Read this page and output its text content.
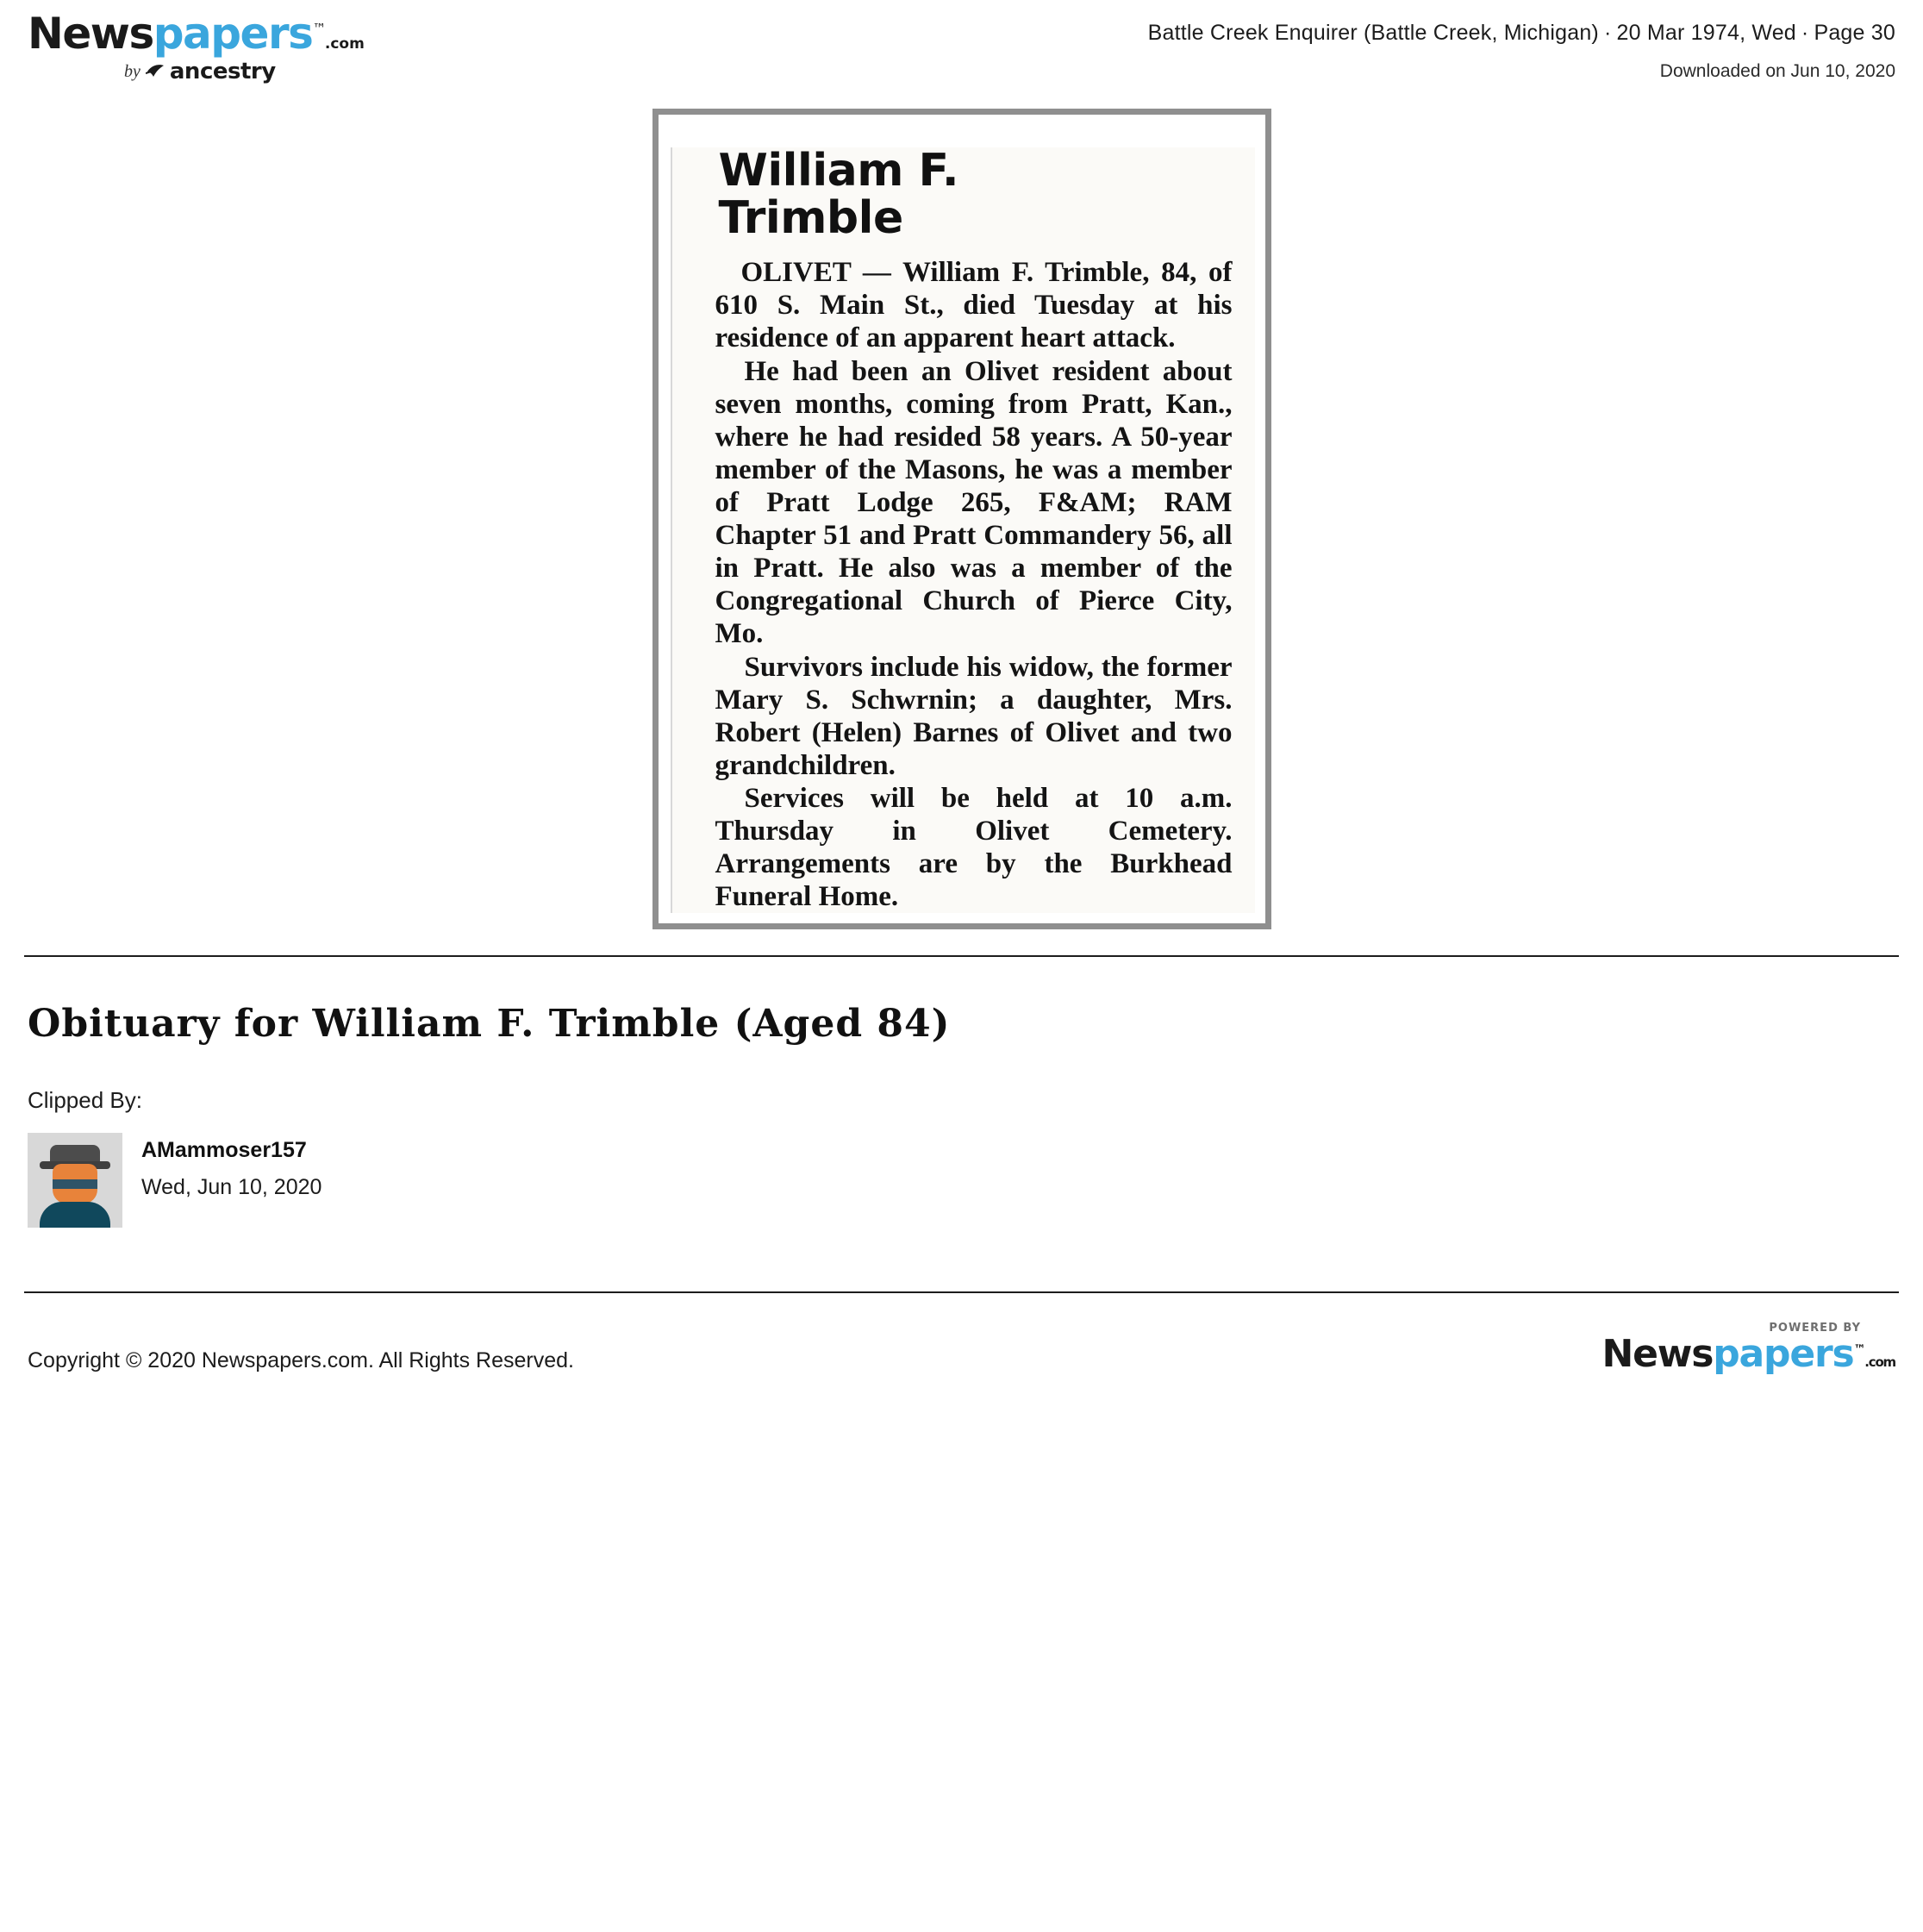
Newspapers™.com
by ancestry
Battle Creek Enquirer (Battle Creek, Michigan) · 20 Mar 1974, Wed · Page 30
Downloaded on Jun 10, 2020
William F.
Trimble

OLIVET — William F. Trimble, 84, of 610 S. Main St., died Tuesday at his residence of an apparent heart attack.

He had been an Olivet resident about seven months, coming from Pratt, Kan., where he had resided 58 years. A 50-year member of the Masons, he was a member of Pratt Lodge 265, F&AM; RAM Chapter 51 and Pratt Commandery 56, all in Pratt. He also was a member of the Congregational Church of Pierce City, Mo.

Survivors include his widow, the former Mary S. Schwrnin; a daughter, Mrs. Robert (Helen) Barnes of Olivet and two grandchildren.

Services will be held at 10 a.m. Thursday in Olivet Cemetery. Arrangements are by the Burkhead Funeral Home.

Obituary for William F. Trimble (Aged 84)
Clipped By:
AMammoser157
Wed, Jun 10, 2020
Copyright © 2020 Newspapers.com. All Rights Reserved.
POWERED BY
Newspapers™.com
